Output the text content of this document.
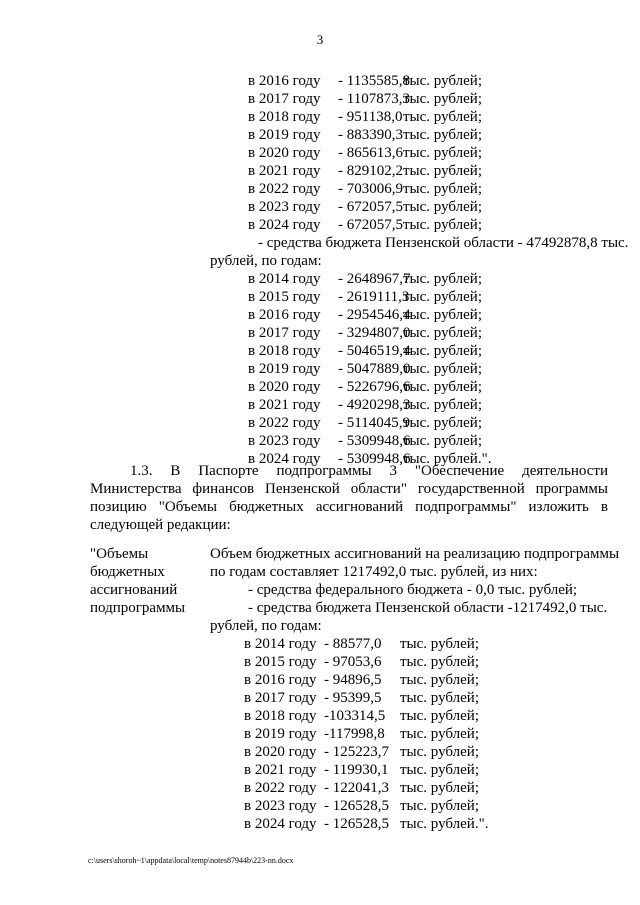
3
в 2016 году - 1135585,8
тыс. рублей;
в 2017 году - 1107873,3
тыс. рублей;
в 2018 году - 951138,0 тыс. рублей;
в 2019 году - 883390,3 тыс. рублей;
в 2020 году - 865613,6 тыс. рублей;
в 2021 году - 829102,2 тыс. рублей;
в 2022 году - 703006,9 тыс. рублей;
в 2023 году - 672057,5 тыс. рублей;
в 2024 году - 672057,5 тыс. рублей;
- средства бюджета Пензенской области - 47492878,8 тыс.
рублей, по годам:
в 2014 году - 2648967,7
тыс. рублей;
в 2015 году - 2619111,3
тыс. рублей;
в 2016 году - 2954546,4
тыс. рублей;
в 2017 году - 3294807,0
тыс. рублей;
в 2018 году - 5046519,4
тыс. рублей;
в 2019 году - 5047889,0
тыс. рублей;
в 2020 году - 5226796,6
тыс. рублей;
в 2021 году - 4920298,3
тыс. рублей;
в 2022 году - 5114045,9
тыс. рублей;
в 2023 году - 5309948,6
тыс. рублей;
в 2024 году - 5309948,6
тыс. рублей.".
1.3. В Паспорте подпрограммы 3 "Обеспечение деятельности Министерства финансов Пензенской области" государственной программы позицию "Объемы бюджетных ассигнований подпрограммы" изложить в следующей редакции:
"Объемы
бюджетных
ассигнований
подпрограммы
Объем бюджетных ассигнований на реализацию подпрограммы
по годам составляет 1217492,0 тыс. рублей, из них:
- средства федерального бюджета - 0,0 тыс. рублей;
- средства бюджета Пензенской области -1217492,0 тыс.
рублей, по годам:
в 2014 году - 88577,0 тыс. рублей;
в 2015 году - 97053,6 тыс. рублей;
в 2016 году - 94896,5 тыс. рублей;
в 2017 году - 95399,5 тыс. рублей;
в 2018 году -103314,5 тыс. рублей;
в 2019 году -117998,8 тыс. рублей;
в 2020 году - 125223,7 тыс. рублей;
в 2021 году - 119930,1 тыс. рублей;
в 2022 году - 122041,3 тыс. рублей;
в 2023 году - 126528,5 тыс. рублей;
в 2024 году - 126528,5 тыс. рублей.".
c:\users\shoroh~1\appdata\local\temp\notes87944b\223-nn.docx
